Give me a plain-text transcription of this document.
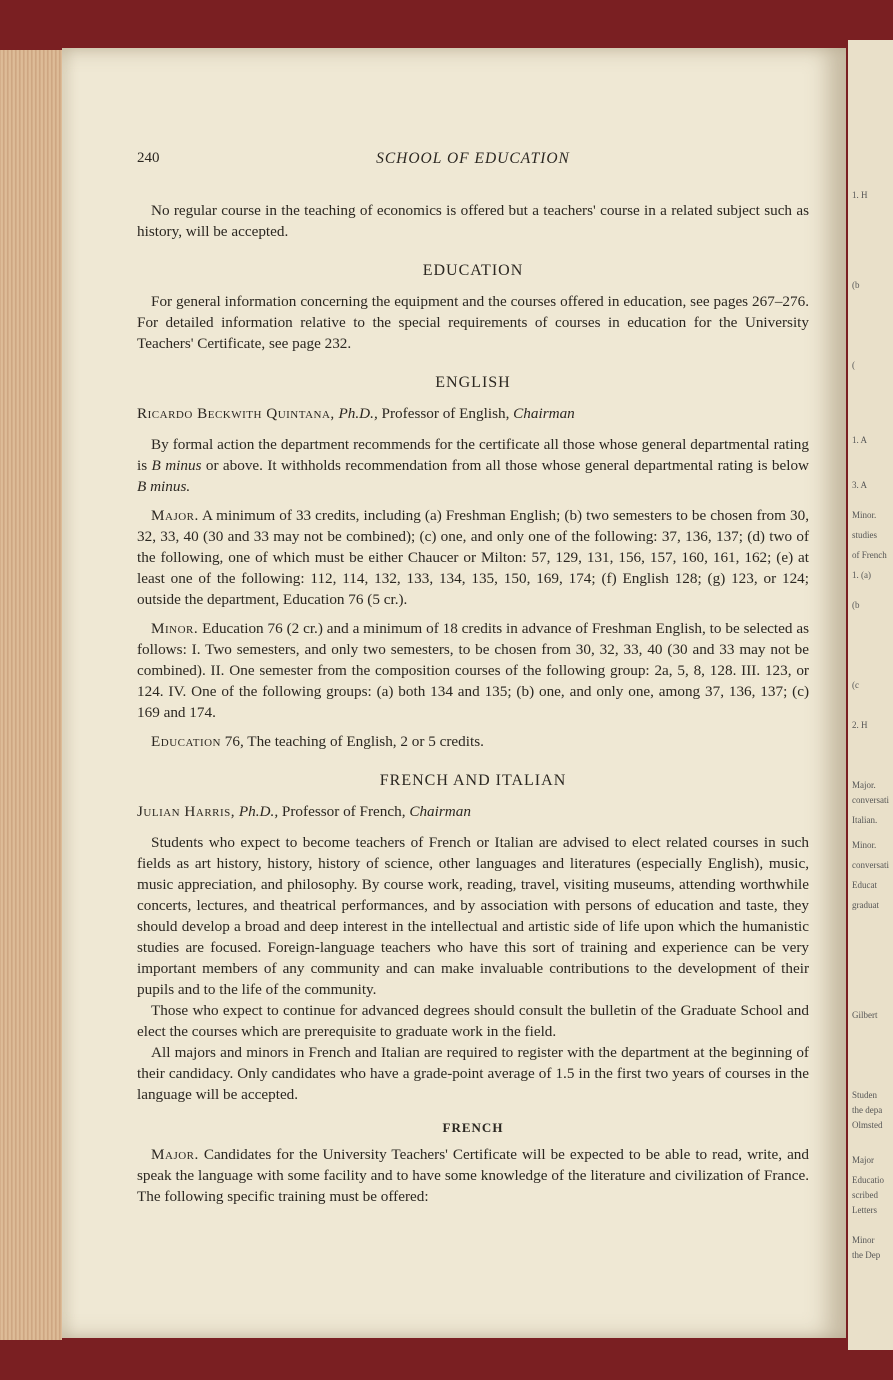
1. H
(b
(
1. A
3. A
Minor.
studies
of French
1. (a)
(b
(c
2. H
Major.
conversati
Italian.
Minor.
conversati
Educat
graduat
Gilbert
Studen
the depa
Olmsted
Major
Educatio
scribed
Letters
Minor
the Dep
240	SCHOOL OF EDUCATION

No regular course in the teaching of economics is offered but a teachers' course in a related subject such as history, will be accepted.

EDUCATION

For general information concerning the equipment and the courses offered in education, see pages 267–276. For detailed information relative to the special requirements of courses in education for the University Teachers' Certificate, see page 232.

ENGLISH

Ricardo Beckwith Quintana, Ph.D., Professor of English, Chairman

By formal action the department recommends for the certificate all those whose general departmental rating is B minus or above. It withholds recommendation from all those whose general departmental rating is below B minus.

Major. A minimum of 33 credits, including (a) Freshman English; (b) two semesters to be chosen from 30, 32, 33, 40 (30 and 33 may not be combined); (c) one, and only one of the following: 37, 136, 137; (d) two of the following, one of which must be either Chaucer or Milton: 57, 129, 131, 156, 157, 160, 161, 162; (e) at least one of the following: 112, 114, 132, 133, 134, 135, 150, 169, 174; (f) English 128; (g) 123, or 124; outside the department, Education 76 (5 cr.).

Minor. Education 76 (2 cr.) and a minimum of 18 credits in advance of Freshman English, to be selected as follows: I. Two semesters, and only two semesters, to be chosen from 30, 32, 33, 40 (30 and 33 may not be combined). II. One semester from the composition courses of the following group: 2a, 5, 8, 128. III. 123, or 124. IV. One of the following groups: (a) both 134 and 135; (b) one, and only one, among 37, 136, 137; (c) 169 and 174.

Education 76, The teaching of English, 2 or 5 credits.

FRENCH AND ITALIAN

Julian Harris, Ph.D., Professor of French, Chairman

Students who expect to become teachers of French or Italian are advised to elect related courses in such fields as art history, history, history of science, other languages and literatures (especially English), music, music appreciation, and philosophy. By course work, reading, travel, visiting museums, attending worthwhile concerts, lectures, and theatrical performances, and by association with persons of education and taste, they should develop a broad and deep interest in the intellectual and artistic side of life upon which the humanistic studies are focused. Foreign-language teachers who have this sort of training and experience can be very important members of any community and can make invaluable contributions to the development of their pupils and to the life of the community.

Those who expect to continue for advanced degrees should consult the bulletin of the Graduate School and elect the courses which are prerequisite to graduate work in the field.

All majors and minors in French and Italian are required to register with the department at the beginning of their candidacy. Only candidates who have a grade-point average of 1.5 in the first two years of courses in the language will be accepted.

FRENCH

Major. Candidates for the University Teachers' Certificate will be expected to be able to read, write, and speak the language with some facility and to have some knowledge of the literature and civilization of France. The following specific training must be offered:
